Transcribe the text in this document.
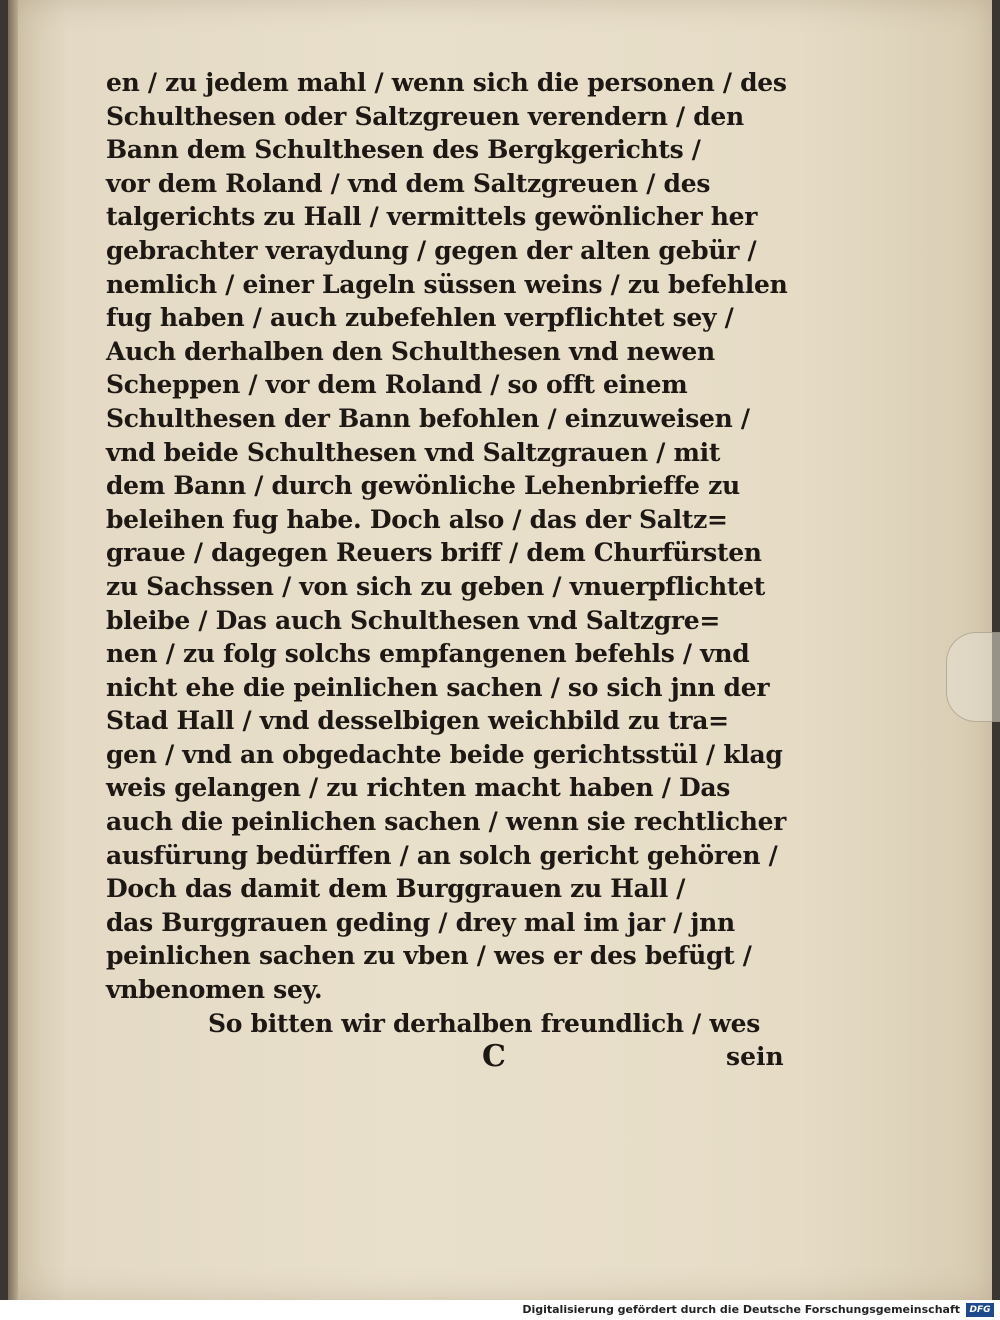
en / zu jedem mahl / wenn sich die personen / des
Schulthesen oder Saltzgreuen verendern / den
Bann dem Schulthesen des Bergkgerichts /
vor dem Roland / vnd dem Saltzgreuen / des
talgerichts zu Hall / vermittels gewönlicher her
gebrachter veraydung / gegen der alten gebür /
nemlich / einer Lageln süssen weins / zu befehlen
fug haben / auch zubefehlen verpflichtet sey /
Auch derhalben den Schulthesen vnd newen
Scheppen / vor dem Roland / so offt einem
Schulthesen der Bann befohlen / einzuweisen /
vnd beide Schulthesen vnd Saltzgrauen / mit
dem Bann / durch gewönliche Lehenbrieffe zu
beleihen fug habe. Doch also / das der Saltz=
graue / dagegen Reuers briff / dem Churfürsten
zu Sachssen / von sich zu geben / vnuerpflichtet
bleibe / Das auch Schulthesen vnd Saltzgre=
nen / zu folg solchs empfangenen befehls / vnd
nicht ehe die peinlichen sachen / so sich jnn der
Stad Hall / vnd desselbigen weichbild zu tra=
gen / vnd an obgedachte beide gerichtsstül / klag
weis gelangen / zu richten macht haben / Das
auch die peinlichen sachen / wenn sie rechtlicher
ausfürung bedürffen / an solch gericht gehören /
Doch das damit dem Burggrauen zu Hall /
das Burggrauen geding / drey mal im jar / jnn
peinlichen sachen zu vben / wes er des befügt /
vnbenomen sey.
So bitten wir derhalben freundlich / wes
C	sein
Digitalisierung gefördert durch die Deutsche Forschungsgemeinschaft	DFG
